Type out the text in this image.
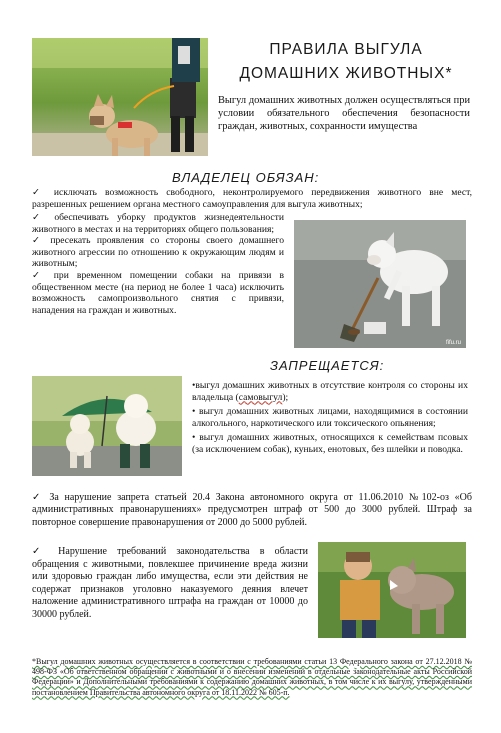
ПРАВИЛА ВЫГУЛА
ДОМАШНИХ ЖИВОТНЫХ*
Выгул домашних животных должен осуществляться при условии обязательного обеспечения безопасности граждан, животных, сохранности имущества
ВЛАДЕЛЕЦ ОБЯЗАН:
✓ исключать возможность свободного, неконтролируемого передвижения животного вне мест, разрешенных решением органа местного самоуправления для выгула животных;

✓ обеспечивать уборку продуктов жизнедеятельности животного в местах и на территориях общего пользования;

✓ пресекать проявления со стороны своего домашнего животного агрессии по отношению к окружающим людям и животным;

✓ при временном помещении собаки на привязи в общественном месте (на период не более 1 часа) исключить возможность самопроизвольного снятия с привязи, нападения на граждан и животных.

fifu.ru
ЗАПРЕЩАЕТСЯ:

•выгул домашних животных в отсутствие контроля со стороны их владельца (самовыгул);

• выгул домашних животных лицами, находящимися в состоянии алкогольного, наркотического или токсического опьянения;

• выгул домашних животных, относящихся к семействам псовых (за исключением собак), куньих, енотовых, без шлейки и поводка.

✓ За нарушение запрета статьей 20.4 Закона автономного округа от 11.06.2010 №102-оз «Об административных правонарушениях» предусмотрен штраф от 500 до 3000 рублей. Штраф за повторное совершение правонарушения от 2000 до 5000 рублей.
✓ Нарушение требований законодательства в области обращения с животными, повлекшее причинение вреда жизни или здоровью граждан либо имущества, если эти действия не содержат признаков уголовно наказуемого деяния влечет наложение административного штрафа на граждан от 10000 до 30000 рублей.
*Выгул домашних животных осуществляется в соответствии с требованиями статьи 13 Федерального закона от 27.12.2018 № 498-ФЗ «Об ответственном обращении с животными и о внесении изменений в отдельные законодательные акты Российской Федерации» и Дополнительными требованиями к содержанию домашних животных, в том числе к их выгулу, утвержденными постановлением Правительства автономного округа от 18.11.2022 № 605-п.
